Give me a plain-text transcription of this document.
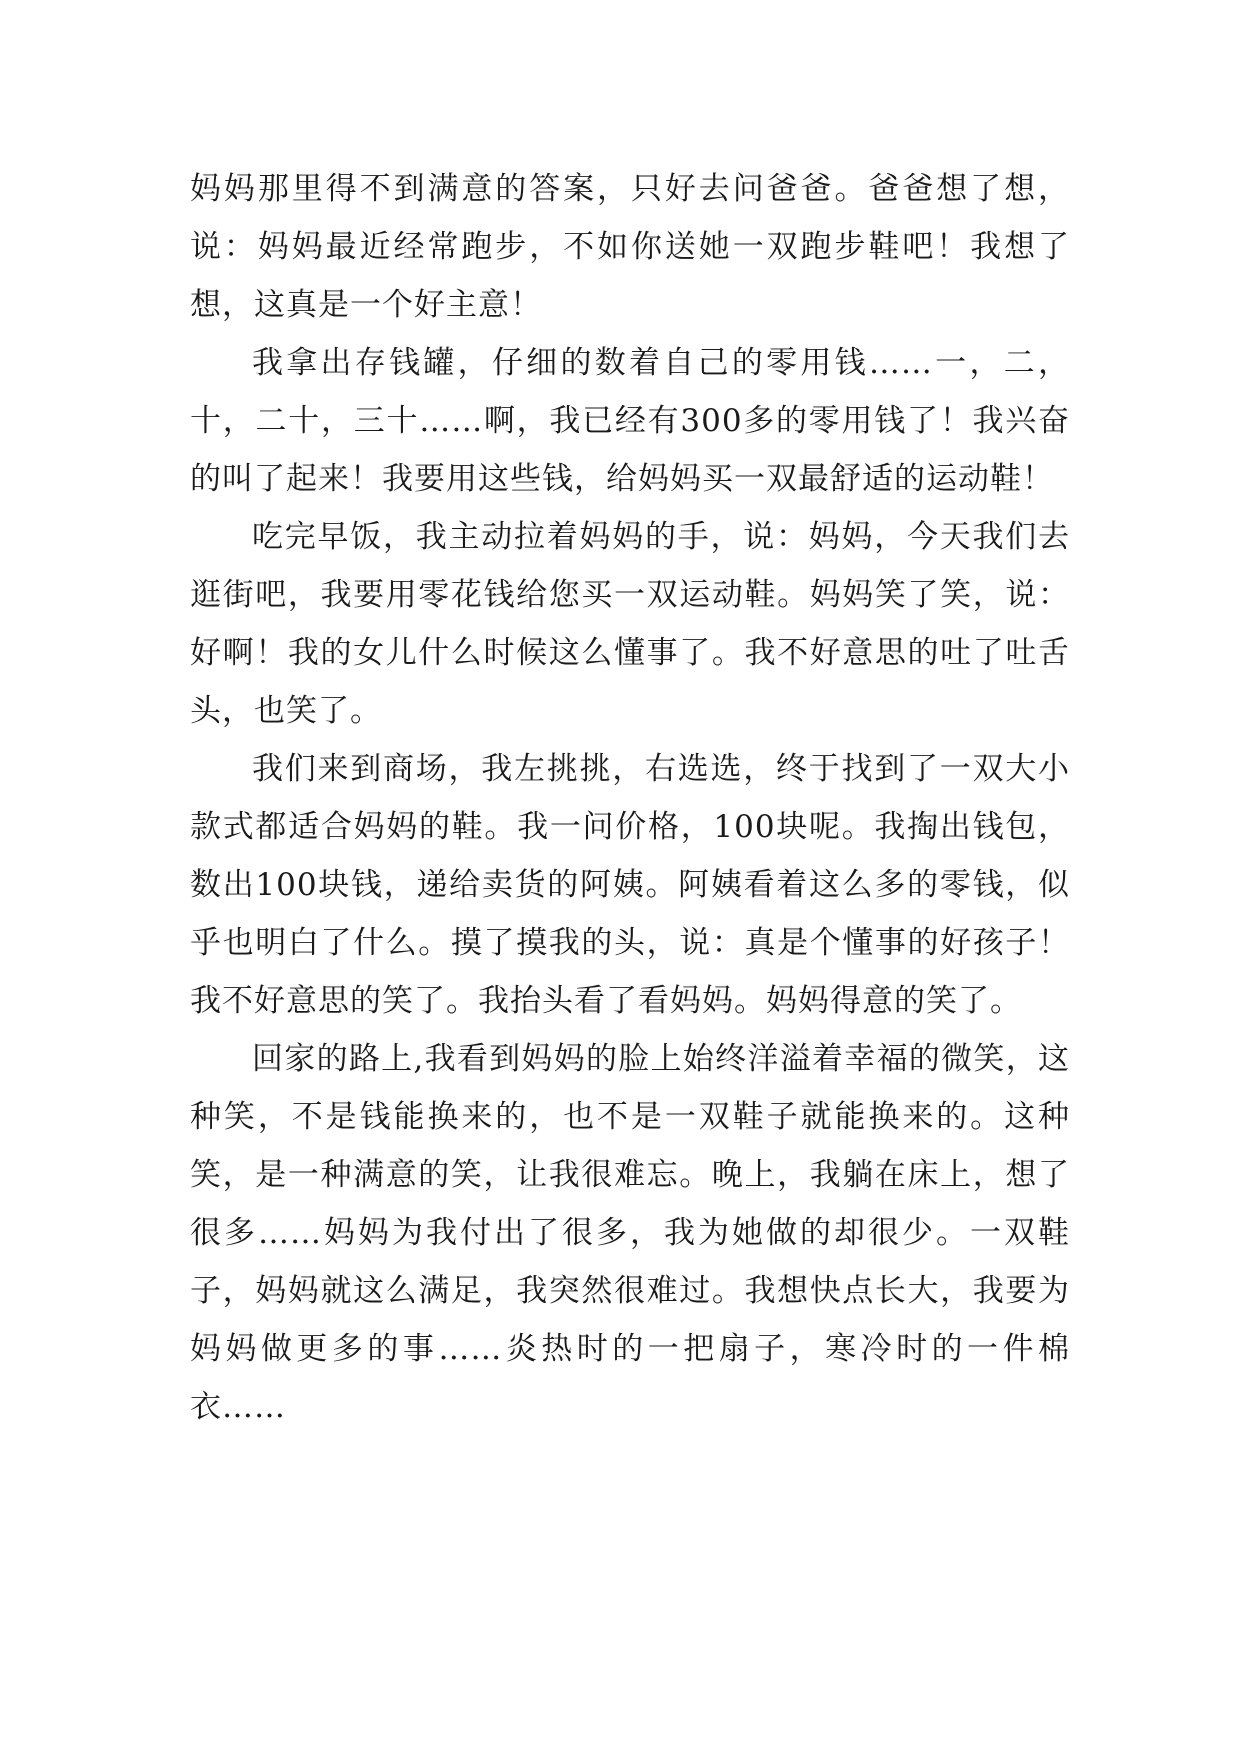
妈妈那里得不到满意的答案，只好去问爸爸。爸爸想了想，说：妈妈最近经常跑步，不如你送她一双跑步鞋吧！我想了想，这真是一个好主意！

我拿出存钱罐，仔细的数着自己的零用钱……一，二，十，二十，三十……啊，我已经有300多的零用钱了！我兴奋的叫了起来！我要用这些钱，给妈妈买一双最舒适的运动鞋！

吃完早饭，我主动拉着妈妈的手，说：妈妈，今天我们去逛街吧，我要用零花钱给您买一双运动鞋。妈妈笑了笑，说：好啊！我的女儿什么时候这么懂事了。我不好意思的吐了吐舌头，也笑了。

我们来到商场，我左挑挑，右选选，终于找到了一双大小款式都适合妈妈的鞋。我一问价格，100块呢。我掏出钱包，数出100块钱，递给卖货的阿姨。阿姨看着这么多的零钱，似乎也明白了什么。摸了摸我的头，说：真是个懂事的好孩子！我不好意思的笑了。我抬头看了看妈妈。妈妈得意的笑了。

回家的路上,我看到妈妈的脸上始终洋溢着幸福的微笑，这种笑，不是钱能换来的，也不是一双鞋子就能换来的。这种笑，是一种满意的笑，让我很难忘。晚上，我躺在床上，想了很多……妈妈为我付出了很多，我为她做的却很少。一双鞋子，妈妈就这么满足，我突然很难过。我想快点长大，我要为妈妈做更多的事……炎热时的一把扇子，寒冷时的一件棉衣……
